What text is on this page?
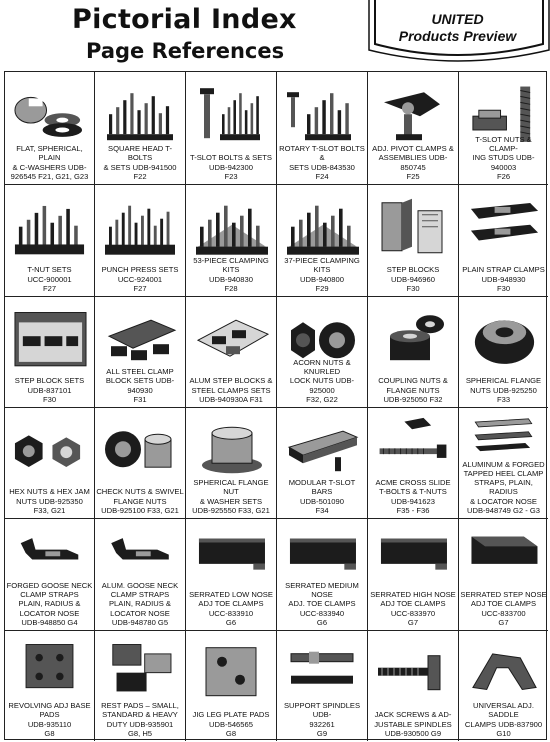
Pictorial Index
Page References
UNITED
Products Preview
FLAT, SPHERICAL, PLAIN
& C-WASHERS UDB-
926545 F21, G21, G23
SQUARE HEAD T-BOLTS
& SETS UDB-941500
F22
T-SLOT BOLTS & SETS
UDB-942300
F23
ROTARY T-SLOT BOLTS &
SETS UDB-843530
F24
ADJ. PIVOT CLAMPS &
ASSEMBLIES UDB-850745
F25
T-SLOT NUTS & CLAMP-
ING STUDS UDB-940003
F26
T-NUT SETS
UCC-900001
F27
PUNCH PRESS SETS
UCC-924001
F27
53-PIECE CLAMPING KITS
UDB-940830
F28
37-PIECE CLAMPING KITS
UDB-940800
F29
STEP BLOCKS
UDB-946960
F30
PLAIN STRAP CLAMPS
UDB-948930
F30
STEP BLOCK SETS
UDB-837101
F30
ALL STEEL CLAMP
BLOCK SETS UDB-940930
F31
ALUM STEP BLOCKS &
STEEL CLAMPS SETS
UDB-940930A F31
ACORN NUTS & KNURLED
LOCK NUTS UDB-925000
F32, G22
COUPLING NUTS &
FLANGE NUTS
UDB-925050 F32
SPHERICAL FLANGE
NUTS UDB-925250
F33
HEX NUTS & HEX JAM
NUTS UDB-925350
F33, G21
CHECK NUTS & SWIVEL
FLANGE NUTS
UDB-925100 F33, G21
SPHERICAL FLANGE NUT
& WASHER SETS
UDB-925550 F33, G21
MODULAR T-SLOT BARS
UDB-501090
F34
ACME CROSS SLIDE
T-BOLTS & T-NUTS
UDB-941623
F35 - F36
ALUMINUM & FORGED
TAPPED HEEL CLAMP
STRAPS, PLAIN, RADIUS
& LOCATOR NOSE
UDB-948749 G2 - G3
FORGED GOOSE NECK
CLAMP STRAPS
PLAIN, RADIUS &
LOCATOR NOSE
UDB-948850 G4
ALUM. GOOSE NECK
CLAMP STRAPS
PLAIN, RADIUS &
LOCATOR NOSE
UDB-948780 G5
SERRATED LOW NOSE
ADJ TOE CLAMPS
UCC-833910
G6
SERRATED MEDIUM NOSE
ADJ. TOE CLAMPS
UCC-833940
G6
SERRATED HIGH NOSE
ADJ TOE CLAMPS
UCC-833970
G7
SERRATED STEP NOSE
ADJ TOE CLAMPS
UCC-833700
G7
REVOLVING ADJ BASE
PADS
UDB-935110
G8
REST PADS – SMALL,
STANDARD & HEAVY
DUTY UDB-935901
G8, H5
JIG LEG PLATE PADS
UDB-546565
G8
SUPPORT SPINDLES UDB-
932261
G9
JACK SCREWS & AD-
JUSTABLE SPINDLES
UDB-930500 G9
UNIVERSAL ADJ. SADDLE
CLAMPS UDB-837900
G10
